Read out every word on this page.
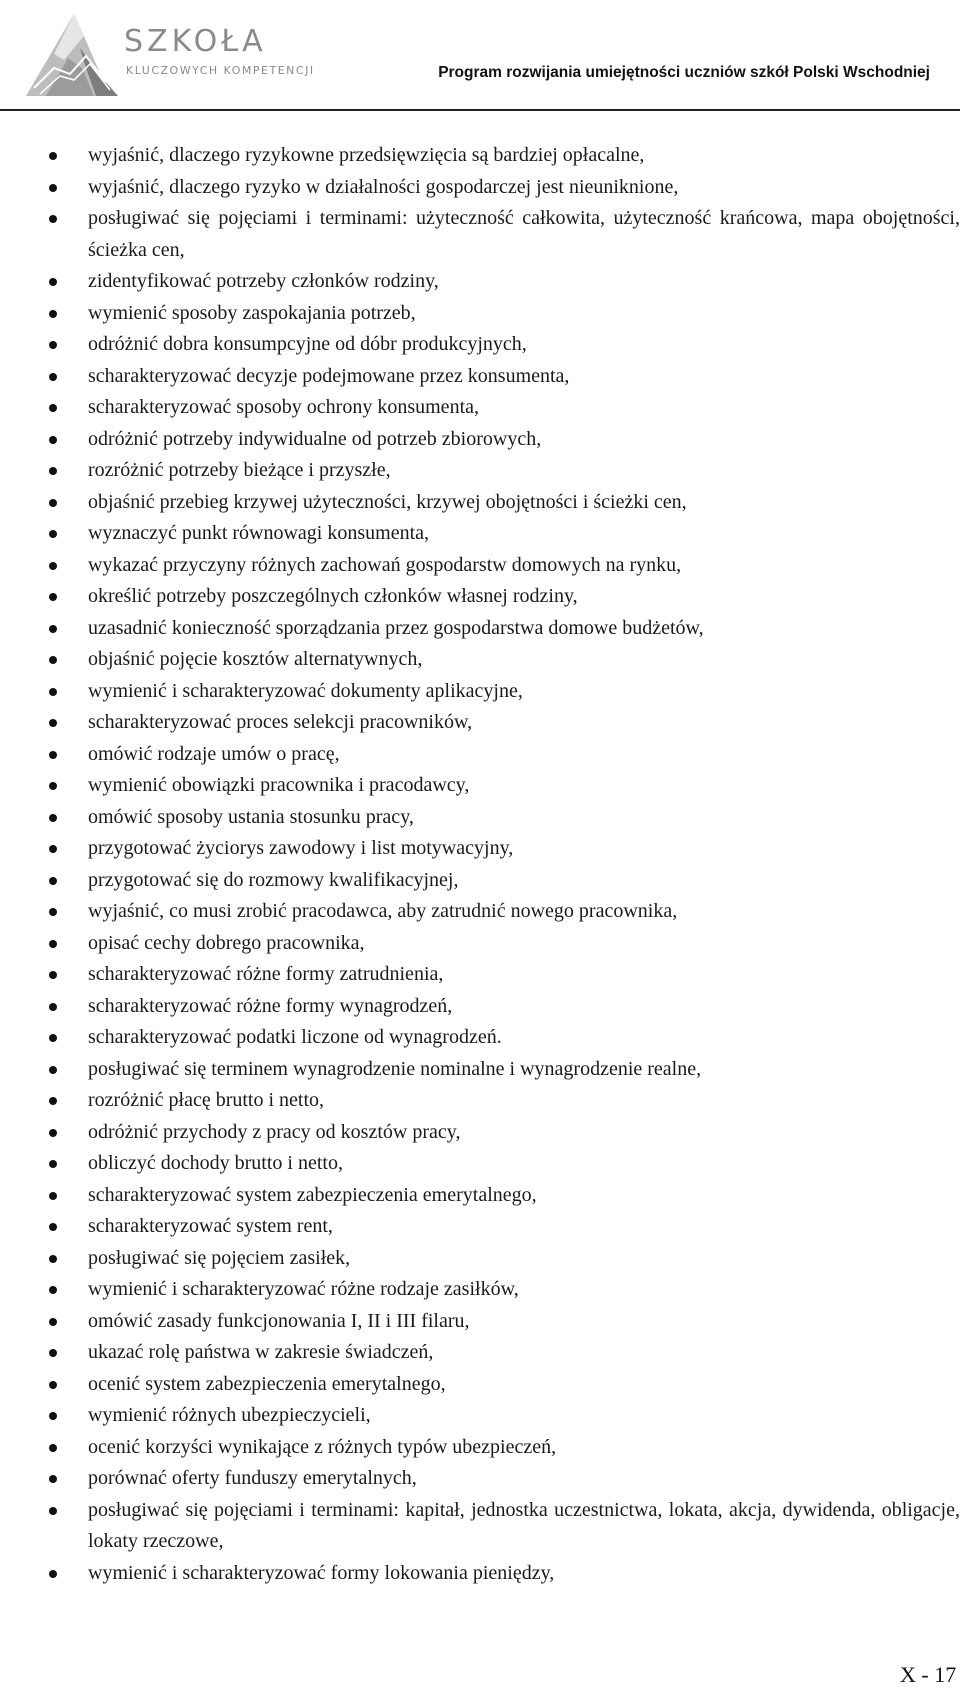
SZKOŁA
KLUCZOWYCH KOMPETENCJI	Program rozwijania umiejętności uczniów szkół Polski Wschodniej
wyjaśnić, dlaczego ryzykowne przedsięwzięcia są bardziej opłacalne,
wyjaśnić, dlaczego ryzyko w działalności gospodarczej jest nieuniknione,
posługiwać się pojęciami i terminami: użyteczność całkowita, użyteczność krańcowa, mapa obojętności, ścieżka cen,
zidentyfikować potrzeby członków rodziny,
wymienić sposoby zaspokajania potrzeb,
odróżnić dobra konsumpcyjne od dóbr produkcyjnych,
scharakteryzować decyzje podejmowane przez konsumenta,
scharakteryzować sposoby ochrony konsumenta,
odróżnić potrzeby indywidualne od potrzeb zbiorowych,
rozróżnić potrzeby bieżące i przyszłe,
objaśnić przebieg krzywej użyteczności, krzywej obojętności i ścieżki cen,
wyznaczyć punkt równowagi konsumenta,
wykazać przyczyny różnych zachowań gospodarstw domowych na rynku,
określić potrzeby poszczególnych członków własnej rodziny,
uzasadnić konieczność sporządzania przez gospodarstwa domowe budżetów,
objaśnić pojęcie kosztów alternatywnych,
wymienić i scharakteryzować dokumenty aplikacyjne,
scharakteryzować proces selekcji pracowników,
omówić rodzaje umów o pracę,
wymienić obowiązki pracownika i pracodawcy,
omówić sposoby ustania stosunku pracy,
przygotować życiorys zawodowy i list motywacyjny,
przygotować się do rozmowy kwalifikacyjnej,
wyjaśnić, co musi zrobić pracodawca, aby zatrudnić nowego pracownika,
opisać cechy dobrego pracownika,
scharakteryzować różne formy zatrudnienia,
scharakteryzować różne formy wynagrodzeń,
scharakteryzować podatki liczone od wynagrodzeń.
posługiwać się terminem wynagrodzenie nominalne i wynagrodzenie realne,
rozróżnić płacę brutto i netto,
odróżnić przychody z pracy od kosztów pracy,
obliczyć dochody brutto i netto,
scharakteryzować system zabezpieczenia emerytalnego,
scharakteryzować system rent,
posługiwać się pojęciem zasiłek,
wymienić i scharakteryzować różne rodzaje zasiłków,
omówić zasady funkcjonowania I, II i III filaru,
ukazać rolę państwa w zakresie świadczeń,
ocenić system zabezpieczenia emerytalnego,
wymienić różnych ubezpieczycieli,
ocenić korzyści wynikające z różnych typów ubezpieczeń,
porównać oferty funduszy emerytalnych,
posługiwać się pojęciami i terminami: kapitał, jednostka uczestnictwa, lokata, akcja, dywidenda, obligacje, lokaty rzeczowe,
wymienić i scharakteryzować formy lokowania pieniędzy,
X - 17
